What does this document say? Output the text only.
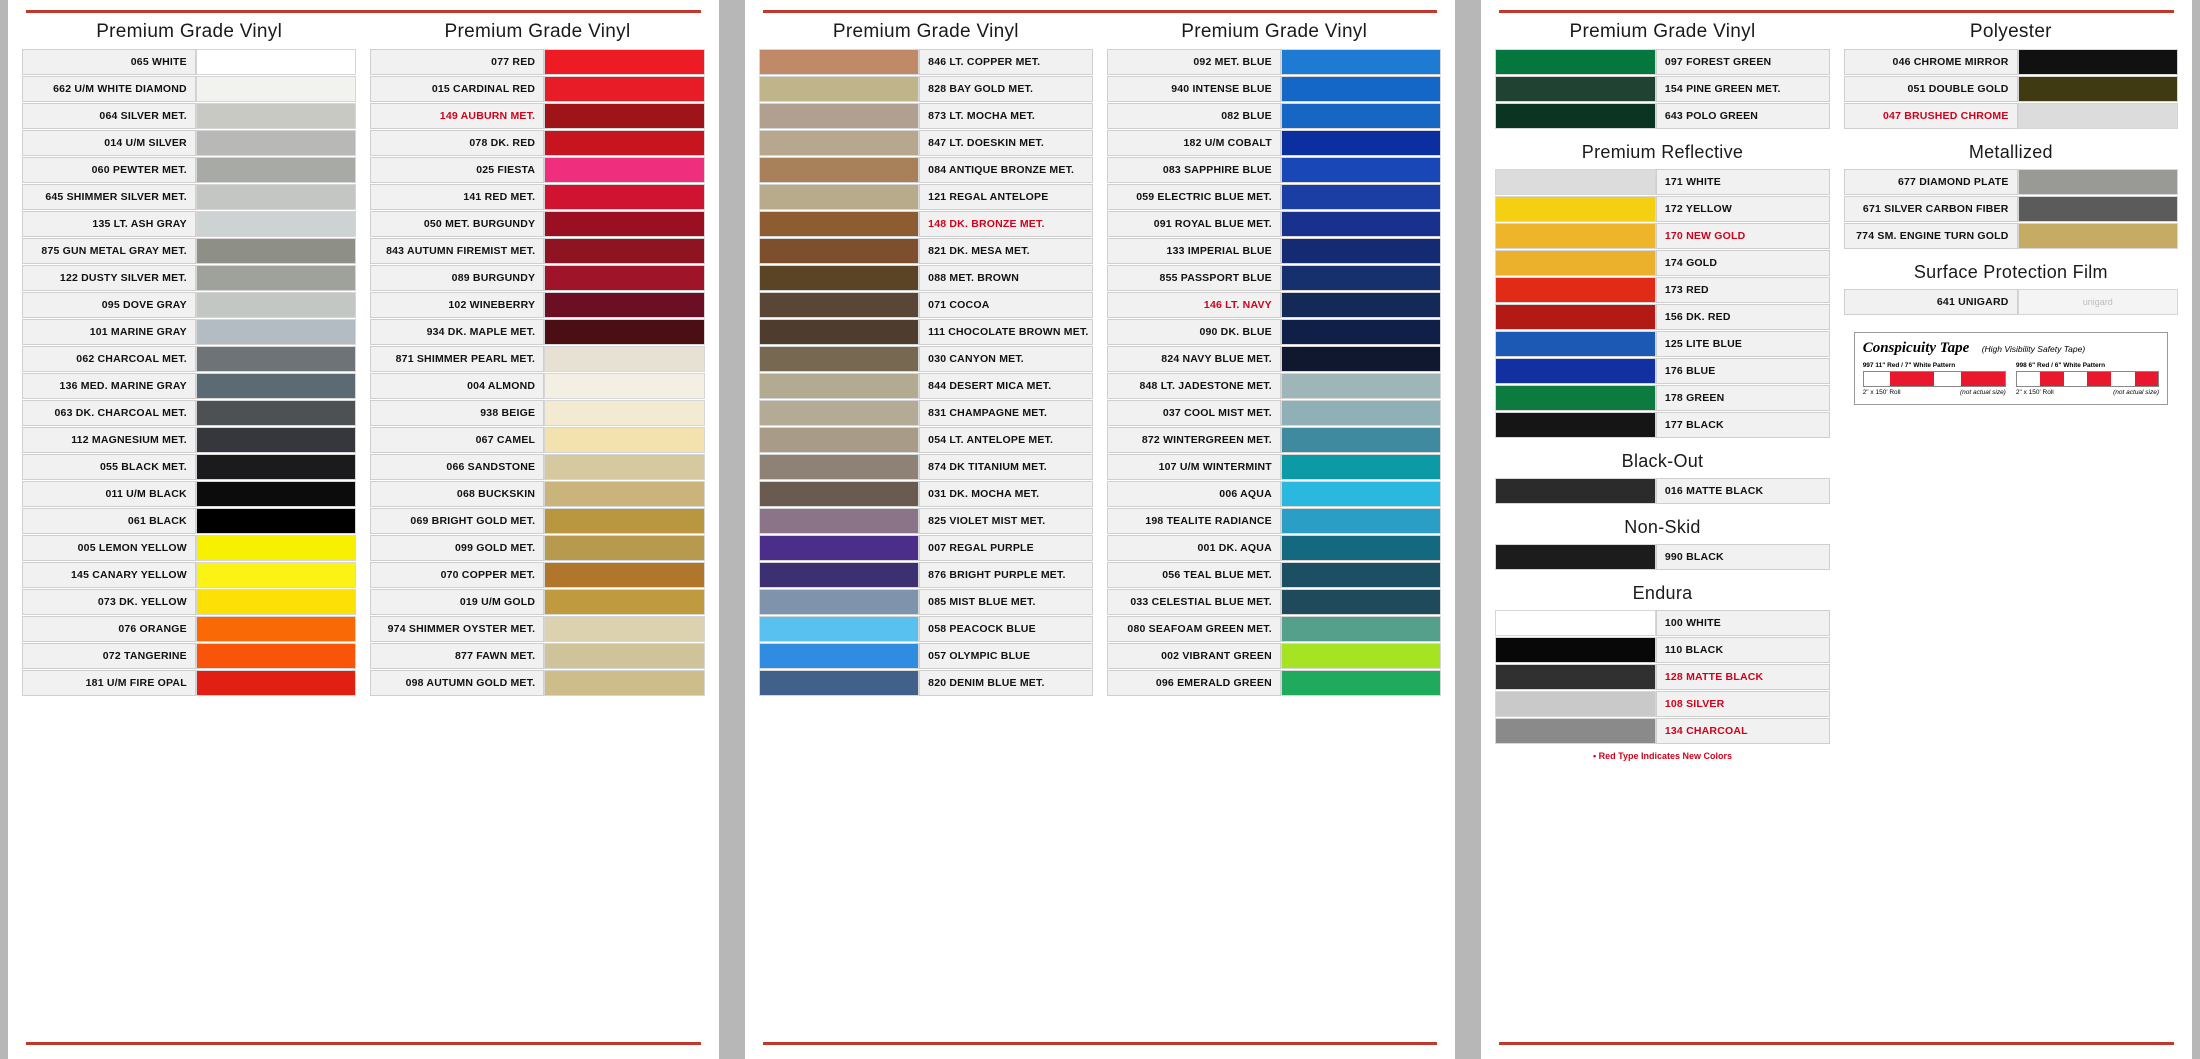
Premium Grade Vinyl
065 WHITE
662 U/M WHITE DIAMOND
064 SILVER MET.
014 U/M SILVER
060 PEWTER MET.
645 SHIMMER SILVER MET.
135 LT. ASH GRAY
875 GUN METAL GRAY MET.
122 DUSTY SILVER MET.
095 DOVE GRAY
101 MARINE GRAY
062 CHARCOAL MET.
136 MED. MARINE GRAY
063 DK. CHARCOAL MET.
112 MAGNESIUM MET.
055 BLACK MET.
011 U/M BLACK
061 BLACK
005 LEMON YELLOW
145 CANARY YELLOW
073 DK. YELLOW
076 ORANGE
072 TANGERINE
181 U/M FIRE OPAL
Premium Grade Vinyl
077 RED
015 CARDINAL RED
149 AUBURN MET.
078 DK. RED
025 FIESTA
141 RED MET.
050 MET. BURGUNDY
843 AUTUMN FIREMIST MET.
089 BURGUNDY
102 WINEBERRY
934 DK. MAPLE MET.
871 SHIMMER PEARL MET.
004 ALMOND
938 BEIGE
067 CAMEL
066 SANDSTONE
068 BUCKSKIN
069 BRIGHT GOLD MET.
099 GOLD MET.
070 COPPER MET.
019 U/M GOLD
974 SHIMMER OYSTER MET.
877 FAWN MET.
098 AUTUMN GOLD MET.
Premium Grade Vinyl
846 LT. COPPER MET.
828 BAY GOLD MET.
873 LT. MOCHA MET.
847 LT. DOESKIN MET.
084 ANTIQUE BRONZE MET.
121 REGAL ANTELOPE
148 DK. BRONZE MET.
821 DK. MESA MET.
088 MET. BROWN
071 COCOA
111 CHOCOLATE BROWN MET.
030 CANYON MET.
844 DESERT MICA MET.
831 CHAMPAGNE MET.
054 LT. ANTELOPE MET.
874 DK TITANIUM MET.
031 DK. MOCHA MET.
825 VIOLET MIST MET.
007 REGAL PURPLE
876 BRIGHT PURPLE MET.
085 MIST BLUE MET.
058 PEACOCK BLUE
057 OLYMPIC BLUE
820 DENIM BLUE MET.
Premium Grade Vinyl
092 MET. BLUE
940 INTENSE BLUE
082 BLUE
182 U/M COBALT
083 SAPPHIRE BLUE
059 ELECTRIC BLUE MET.
091 ROYAL BLUE MET.
133 IMPERIAL BLUE
855 PASSPORT BLUE
146 LT. NAVY
090 DK. BLUE
824 NAVY BLUE MET.
848 LT. JADESTONE MET.
037 COOL MIST MET.
872 WINTERGREEN MET.
107 U/M WINTERMINT
006 AQUA
198 TEALITE RADIANCE
001 DK. AQUA
056 TEAL BLUE MET.
033 CELESTIAL BLUE MET.
080 SEAFOAM GREEN MET.
002 VIBRANT GREEN
096 EMERALD GREEN
Premium Grade Vinyl
097 FOREST GREEN
154 PINE GREEN MET.
643 POLO GREEN
Premium Reflective
171 WHITE
172 YELLOW
170 NEW GOLD
174 GOLD
173 RED
156 DK. RED
125 LITE BLUE
176 BLUE
178 GREEN
177 BLACK
Black-Out
016 MATTE BLACK
Non-Skid
990 BLACK
Endura
100 WHITE
110 BLACK
128 MATTE BLACK
108 SILVER
134 CHARCOAL
• Red Type Indicates New Colors
Polyester
046 CHROME MIRROR
051 DOUBLE GOLD
047 BRUSHED CHROME
Metallized
677 DIAMOND PLATE
671 SILVER CARBON FIBER
774 SM. ENGINE TURN GOLD
Surface Protection Film
unigard
641 UNIGARD
Conspicuity Tape (High Visibility Safety Tape)
997 11" Red / 7" White Pattern
2" x 150' Roll	(not actual size)
998 6" Red / 6" White Pattern
2" x 150' Roll	(not actual size)
